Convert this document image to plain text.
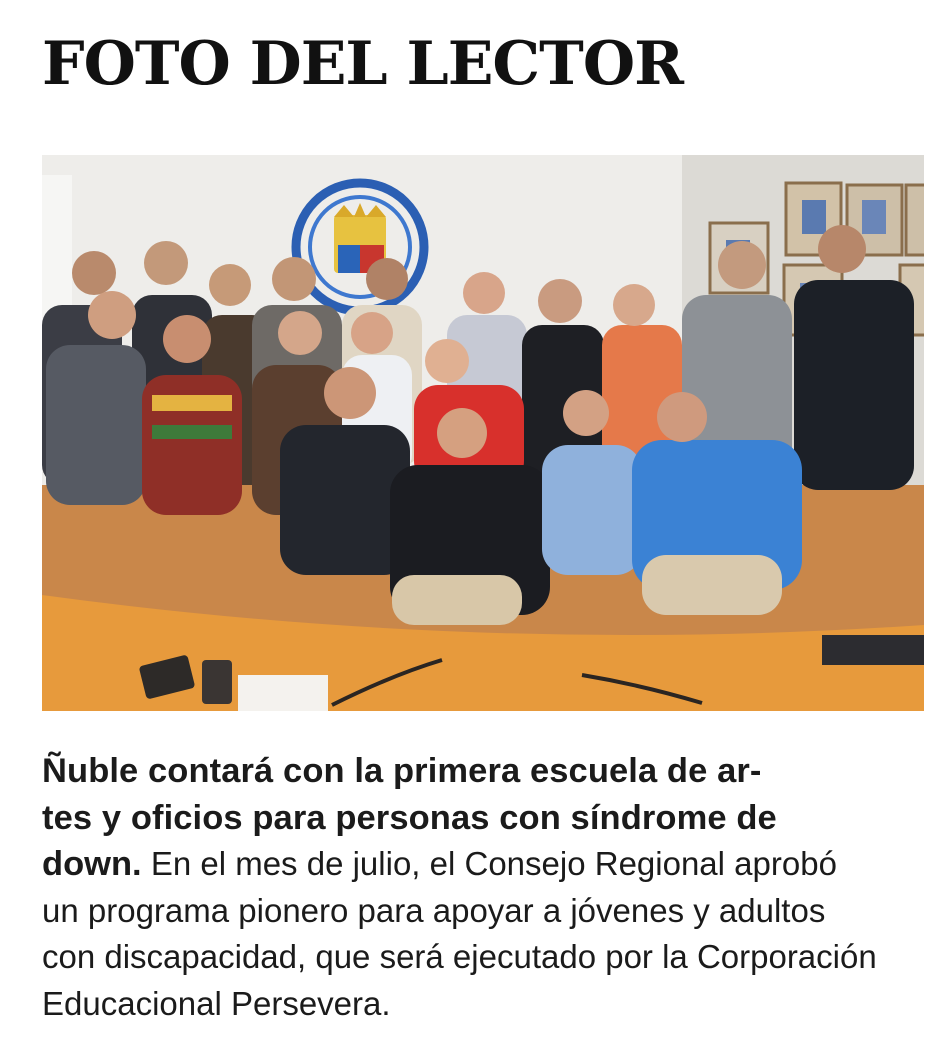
FOTO DEL LECTOR

Ñuble contará con la primera escuela de ar-
tes y oficios para personas con síndrome de
down. En el mes de julio, el Consejo Regional aprobó
un programa pionero para apoyar a jóvenes y adultos
con discapacidad, que será ejecutado por la Corporación
Educacional Persevera.
